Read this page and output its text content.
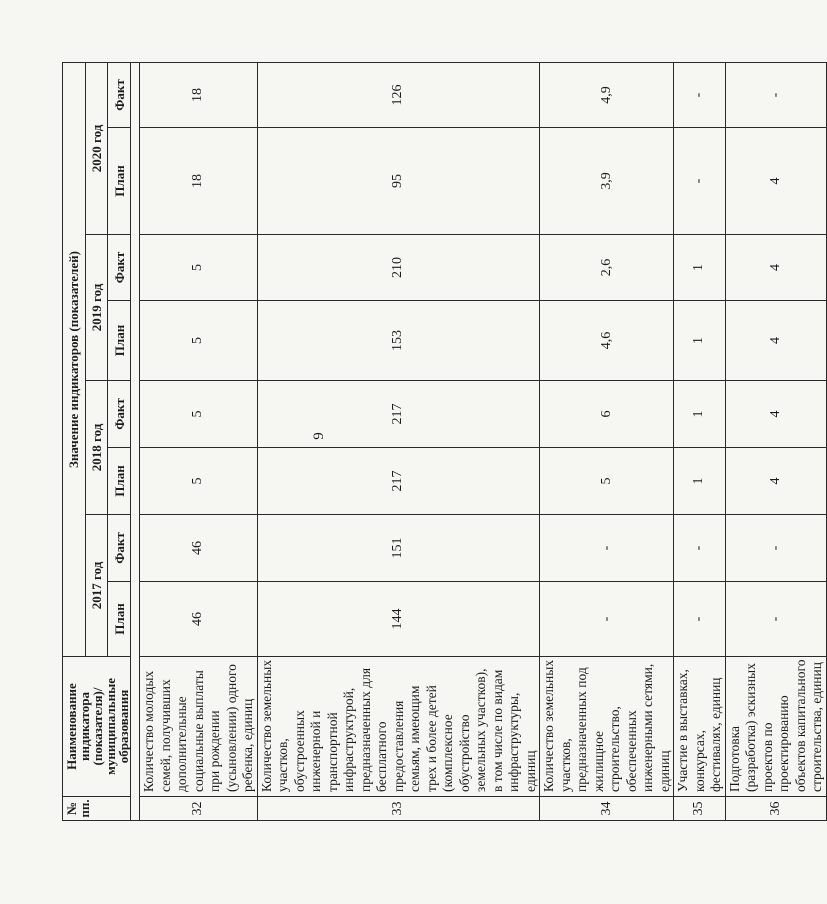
9
№ пп.	Наименование индикатора (показателя)/муниципальные образования	Значение индикаторов (показателей)							
		2017 год		2018 год		2019 год		2020 год	
		План	Факт	План	Факт	План	Факт	План	Факт

32	Количество молодых семей, получивших дополнительные социальные выплаты при рождении (усыновлении) одного ребенка, единиц	46	46	5	5	5	5	18	18
33	Количество земельных участков, обустроенных инженерной и транспортной инфраструктурой, предназначенных для бесплатного предоставления семьям, имеющим трех и более детей (комплексное обустройство земельных участков), в том числе по видам инфраструктуры, единиц	144	151	217	217	153	210	95	126
34	Количество земельных участков, предназначенных под жилищное строительство, обеспеченных инженерными сетями, единиц	-	-	5	6	4,6	2,6	3,9	4,9
35	Участие в выставках, конкурсах, фестивалях, единиц	-	-	1	1	1	1	-	-
36	Подготовка (разработка) эскизных проектов по проектированию объектов капитального строительства, единиц	-	-	4	4	4	4	4	-
